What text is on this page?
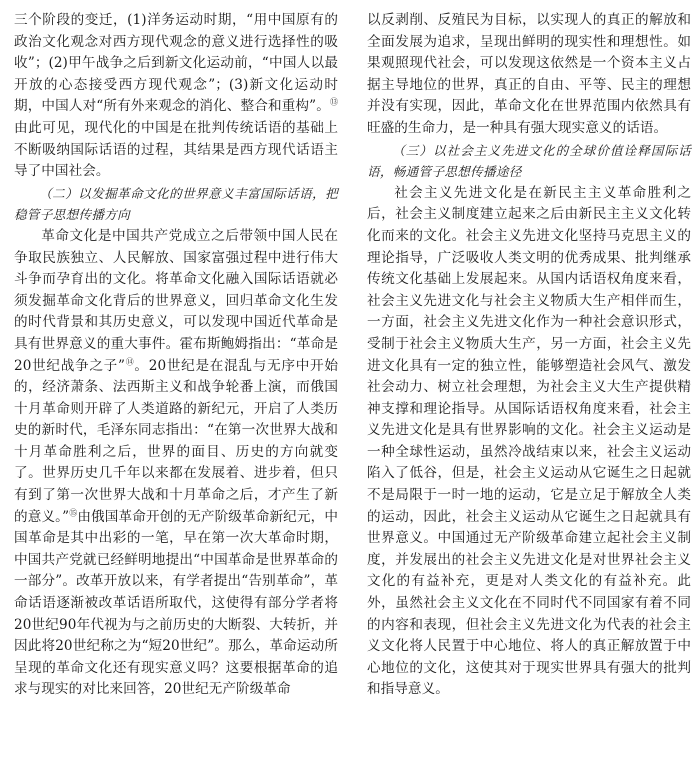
三个阶段的变迁，(1)洋务运动时期，“用中国原有的政治文化观念对西方现代观念的意义进行选择性的吸收”；(2)甲午战争之后到新文化运动前，“中国人以最开放的心态接受西方现代观念”；(3)新文化运动时期，中国人对“所有外来观念的消化、整合和重构”。⑬由此可见，现代化的中国是在批判传统话语的基础上不断吸纳国际话语的过程，其结果是西方现代话语主导了中国社会。

（二）以发掘革命文化的世界意义丰富国际话语，把稳管子思想传播方向

革命文化是中国共产党成立之后带领中国人民在争取民族独立、人民解放、国家富强过程中进行伟大斗争而孕育出的文化。将革命文化融入国际话语就必须发掘革命文化背后的世界意义，回归革命文化生发的时代背景和其历史意义，可以发现中国近代革命是具有世界意义的重大事件。霍布斯鲍姆指出：“革命是20世纪战争之子”⑭。20世纪是在混乱与无序中开始的，经济萧条、法西斯主义和战争轮番上演，而俄国十月革命则开辟了人类道路的新纪元，开启了人类历史的新时代，毛泽东同志指出：“在第一次世界大战和十月革命胜利之后，世界的面目、历史的方向就变了。世界历史几千年以来都在发展着、进步着，但只有到了第一次世界大战和十月革命之后，才产生了新的意义。”⑮由俄国革命开创的无产阶级革命新纪元，中国革命是其中出彩的一笔，早在第一次大革命时期，中国共产党就已经鲜明地提出“中国革命是世界革命的一部分”。改革开放以来，有学者提出“告别革命”，革命话语逐渐被改革话语所取代，这使得有部分学者将20世纪90年代视为与之前历史的大断裂、大转折，并因此将20世纪称之为“短20世纪”。那么，革命运动所呈现的革命文化还有现实意义吗？这要根据革命的追求与现实的对比来回答，20世纪无产阶级革命

以反剥削、反殖民为目标，以实现人的真正的解放和全面发展为追求，呈现出鲜明的现实性和理想性。如果观照现代社会，可以发现这依然是一个资本主义占据主导地位的世界，真正的自由、平等、民主的理想并没有实现，因此，革命文化在世界范围内依然具有旺盛的生命力，是一种具有强大现实意义的话语。

（三）以社会主义先进文化的全球价值诠释国际话语，畅通管子思想传播途径

社会主义先进文化是在新民主主义革命胜利之后，社会主义制度建立起来之后由新民主主义文化转化而来的文化。社会主义先进文化坚持马克思主义的理论指导，广泛吸收人类文明的优秀成果、批判继承传统文化基础上发展起来。从国内话语权角度来看，社会主义先进文化与社会主义物质大生产相伴而生，一方面，社会主义先进文化作为一种社会意识形式，受制于社会主义物质大生产，另一方面，社会主义先进文化具有一定的独立性，能够塑造社会风气、激发社会动力、树立社会理想，为社会主义大生产提供精神支撑和理论指导。从国际话语权角度来看，社会主义先进文化是具有世界影响的文化。社会主义运动是一种全球性运动，虽然冷战结束以来，社会主义运动陷入了低谷，但是，社会主义运动从它诞生之日起就不是局限于一时一地的运动，它是立足于解放全人类的运动，因此，社会主义运动从它诞生之日起就具有世界意义。中国通过无产阶级革命建立起社会主义制度，并发展出的社会主义先进文化是对世界社会主义文化的有益补充，更是对人类文化的有益补充。此外，虽然社会主义文化在不同时代不同国家有着不同的内容和表现，但社会主义先进文化为代表的社会主义文化将人民置于中心地位、将人的真正解放置于中心地位的文化，这使其对于现实世界具有强大的批判和指导意义。
